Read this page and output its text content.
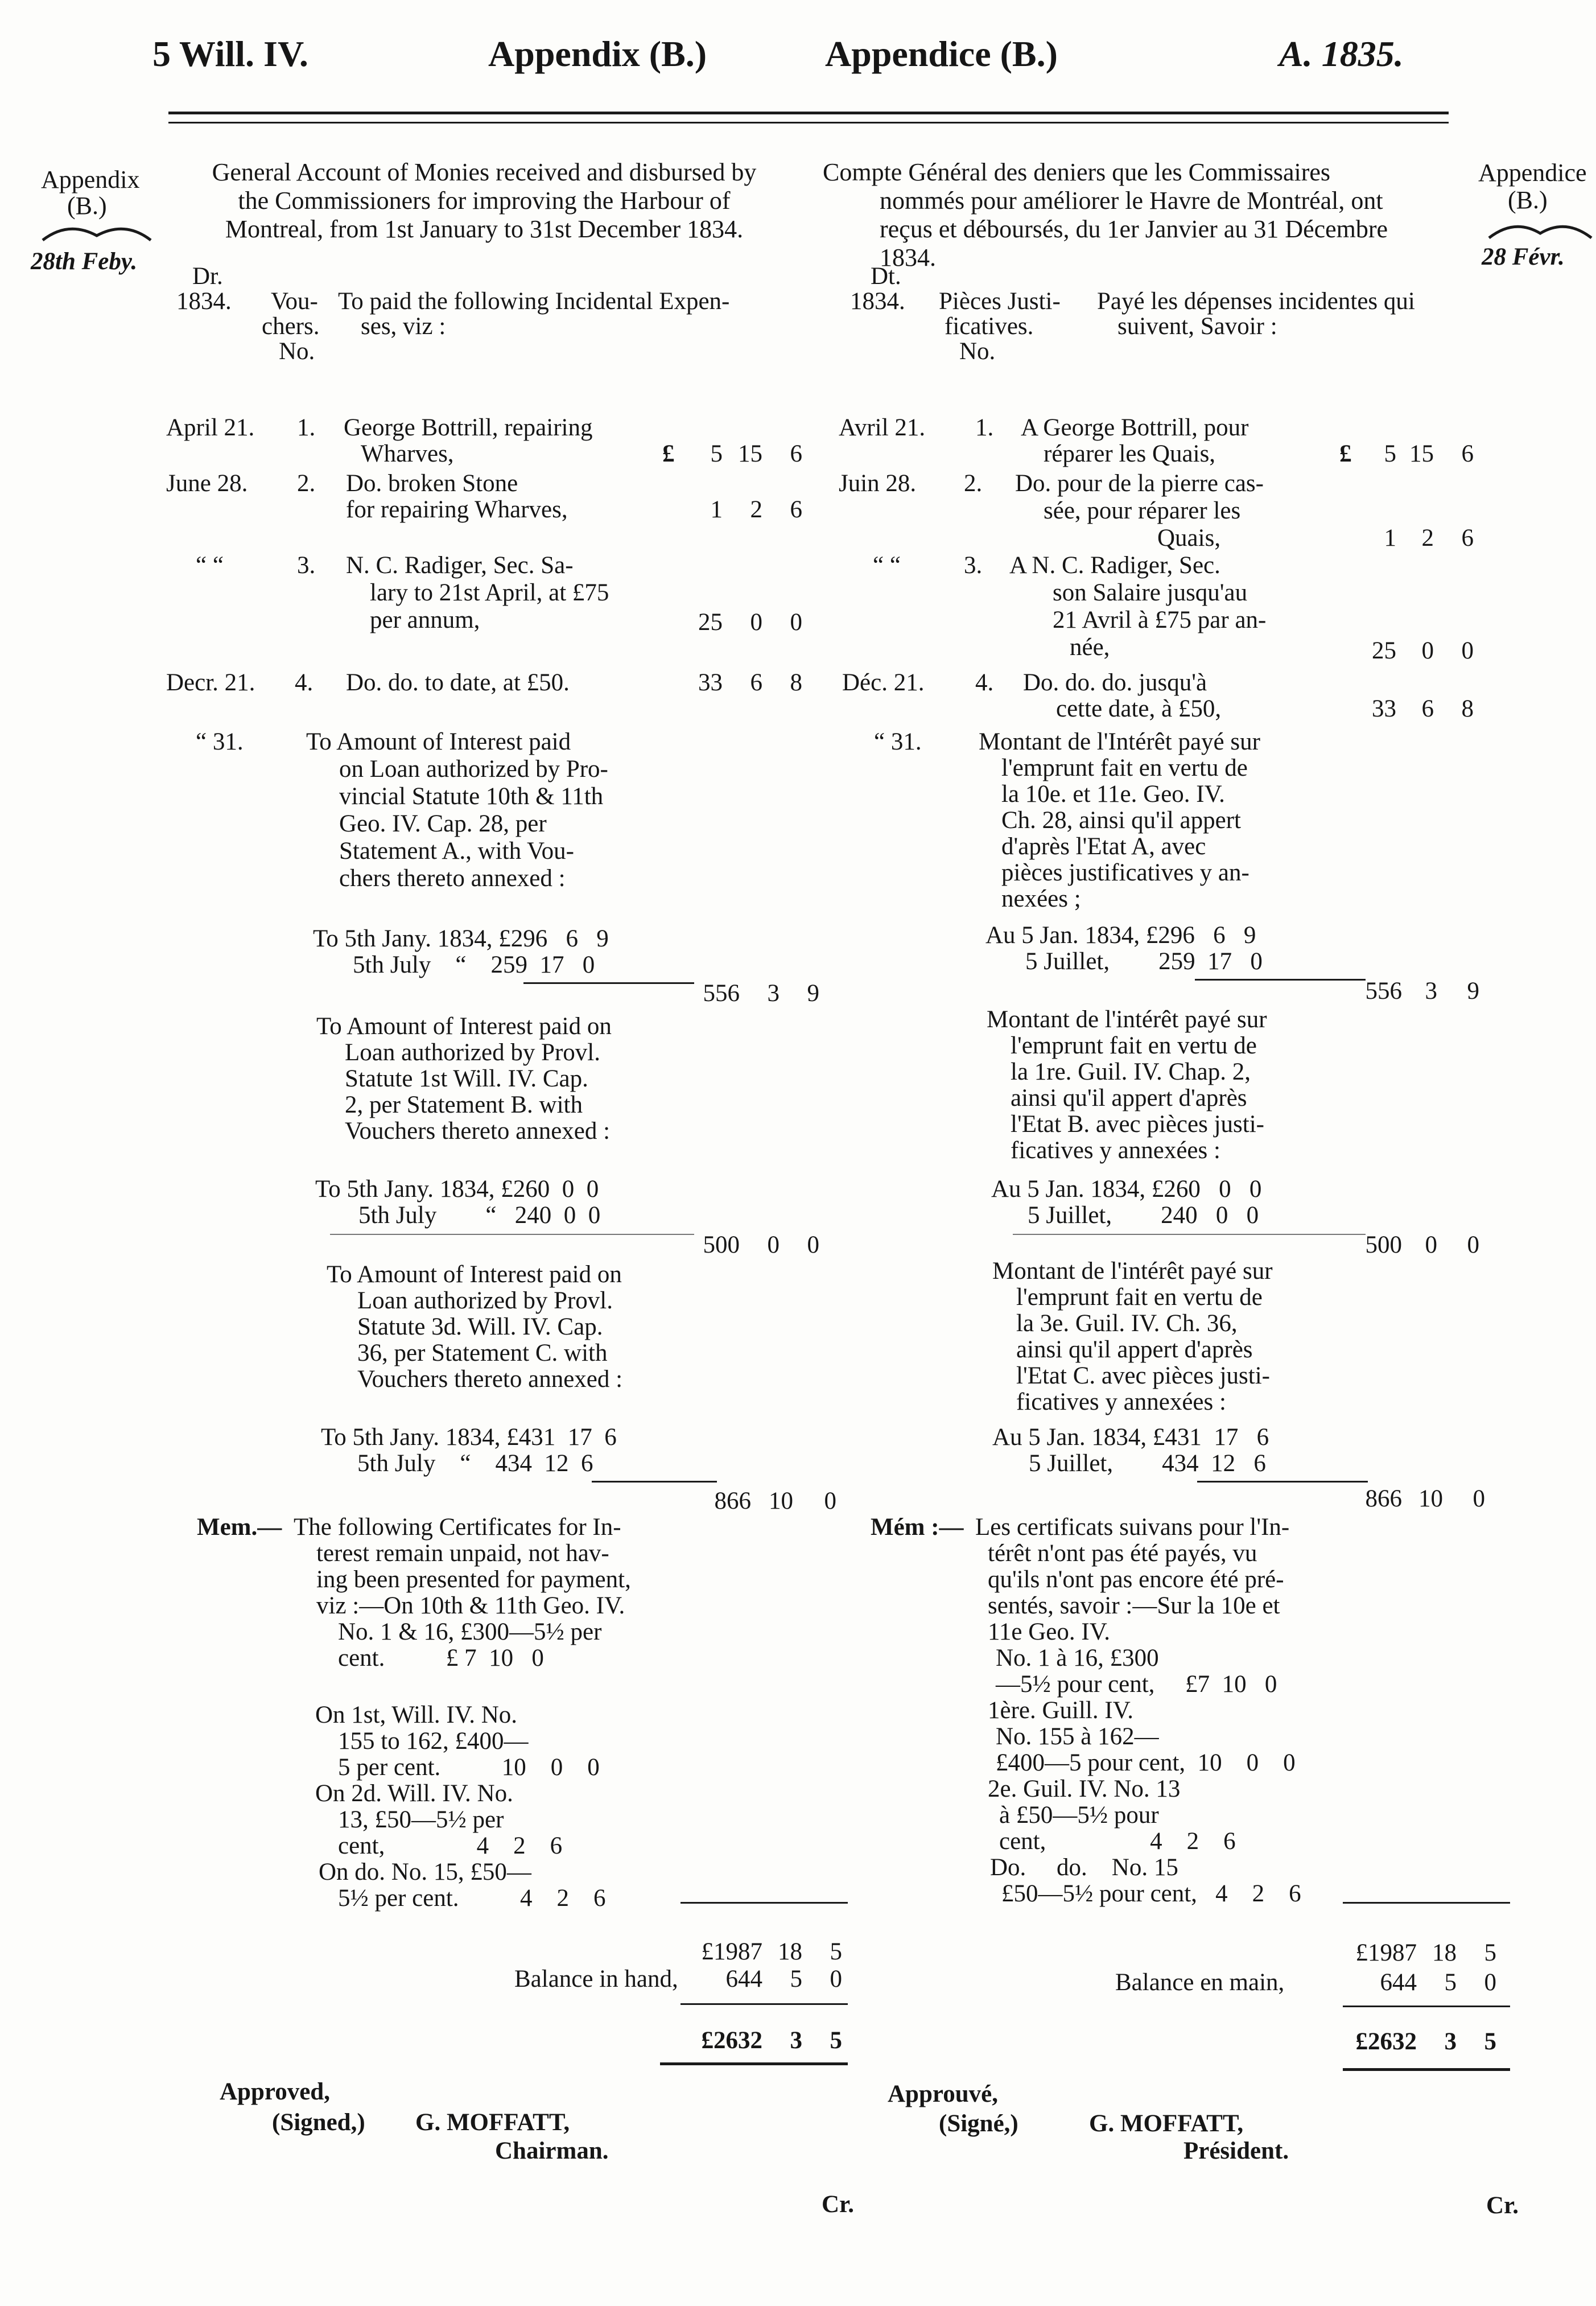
5 Will. IV.	Appendix (B.)	Appendice (B.)	A. 1835.
Appendix
(B.)
28th Feby.
Appendice
(B.)
28 Févr.
General Account of Monies received and disbursed by
the Commissioners for improving the Harbour of
Montreal, from 1st January to 31st December 1834.
Dr.
1834. Vou-
chers.
No.
To paid the following Incidental Expen-
ses, viz :
April 21. 1. George Bottrill, repairing
Wharves,	£	5 15	6
June 28. 2. Do. broken Stone
for repairing Wharves,	1	2	6
“ “	3. N. C. Radiger, Sec. Sa-
lary to 21st April, at £75
per annum,	25	0	0
Decr. 21. 4. Do. do. to date, at £50.	33	6	8
“ 31.	To Amount of Interest paid
on Loan authorized by Pro-
vincial Statute 10th & 11th
Geo. IV. Cap. 28, per
Statement A., with Vou-
chers thereto annexed :
To 5th Jany. 1834, £296   6   9
5th July    “    259  17   0
556	3	9
To Amount of Interest paid on
Loan authorized by Provl.
Statute 1st Will. IV. Cap.
2, per Statement B. with
Vouchers thereto annexed :
To 5th Jany. 1834, £260  0  0
5th July        “   240  0  0
500	0	0
To Amount of Interest paid on
Loan authorized by Provl.
Statute 3d. Will. IV. Cap.
36, per Statement C. with
Vouchers thereto annexed :
To 5th Jany. 1834, £431  17  6
5th July    “    434  12  6
866 10	0
Mem.— The following Certificates for In-
terest remain unpaid, not hav-
ing been presented for payment,
viz :—On 10th & 11th Geo. IV.
No. 1 & 16, £300—5½ per
cent.          £ 7  10   0
On 1st, Will. IV. No.
155 to 162, £400—
5 per cent.          10    0    0
On 2d. Will. IV. No.
13, £50—5½ per
cent,               4    2    6
On do. No. 15, £50—
5½ per cent.          4    2    6
£1987 18	5
Balance in hand,	644	5	0
£2632	3	5
Approved,
(Signed,) G. MOFFATT,
Chairman.
Cr.
Compte Général des deniers que les Commissaires
nommés pour améliorer le Havre de Montréal, ont
reçus et déboursés, du 1er Janvier au 31 Décembre
1834.
Dt.
1834. Pièces Justi-
ficatives.
No.
Payé les dépenses incidentes qui
suivent, Savoir :
Avril 21. 1. A George Bottrill, pour
réparer les Quais,	£	5 15	6
Juin 28. 2. Do. pour de la pierre cas-
sée, pour réparer les
Quais,	1	2	6
“ “	3. A N. C. Radiger, Sec.
son Salaire jusqu'au
21 Avril à £75 par an-
née,	25	0	0
Déc. 21. 4. Do. do. do. jusqu'à
cette date, à £50,	33	6	8
“ 31. Montant de l'Intérêt payé sur
l'emprunt fait en vertu de
la 10e. et 11e. Geo. IV.
Ch. 28, ainsi qu'il appert
d'après l'Etat A, avec
pièces justificatives y an-
nexées ;
Au 5 Jan. 1834, £296   6   9
5 Juillet,        259  17   0
556 3	9
Montant de l'intérêt payé sur
l'emprunt fait en vertu de
la 1re. Guil. IV. Chap. 2,
ainsi qu'il appert d'après
l'Etat B. avec pièces justi-
ficatives y annexées :
Au 5 Jan. 1834, £260   0   0
5 Juillet,        240   0   0
500 0	0
Montant de l'intérêt payé sur
l'emprunt fait en vertu de
la 3e. Guil. IV. Ch. 36,
ainsi qu'il appert d'après
l'Etat C. avec pièces justi-
ficatives y annexées :
Au 5 Jan. 1834, £431  17   6
5 Juillet,        434  12   6
866 10	0
Mém :— Les certificats suivans pour l'In-
térêt n'ont pas été payés, vu
qu'ils n'ont pas encore été pré-
sentés, savoir :—Sur la 10e et
11e Geo. IV.
No. 1 à 16, £300
—5½ pour cent,     £7  10   0
1ère. Guill. IV.
No. 155 à 162—
£400—5 pour cent,  10    0    0
2e. Guil. IV. No. 13
à £50—5½ pour
cent,                 4    2    6
Do.     do.    No. 15
£50—5½ pour cent,   4    2    6
£1987 18	5
Balance en main,	644	5	0
£2632	3	5
Approuvé,
(Signé,)	G. MOFFATT,
Président.
Cr.
